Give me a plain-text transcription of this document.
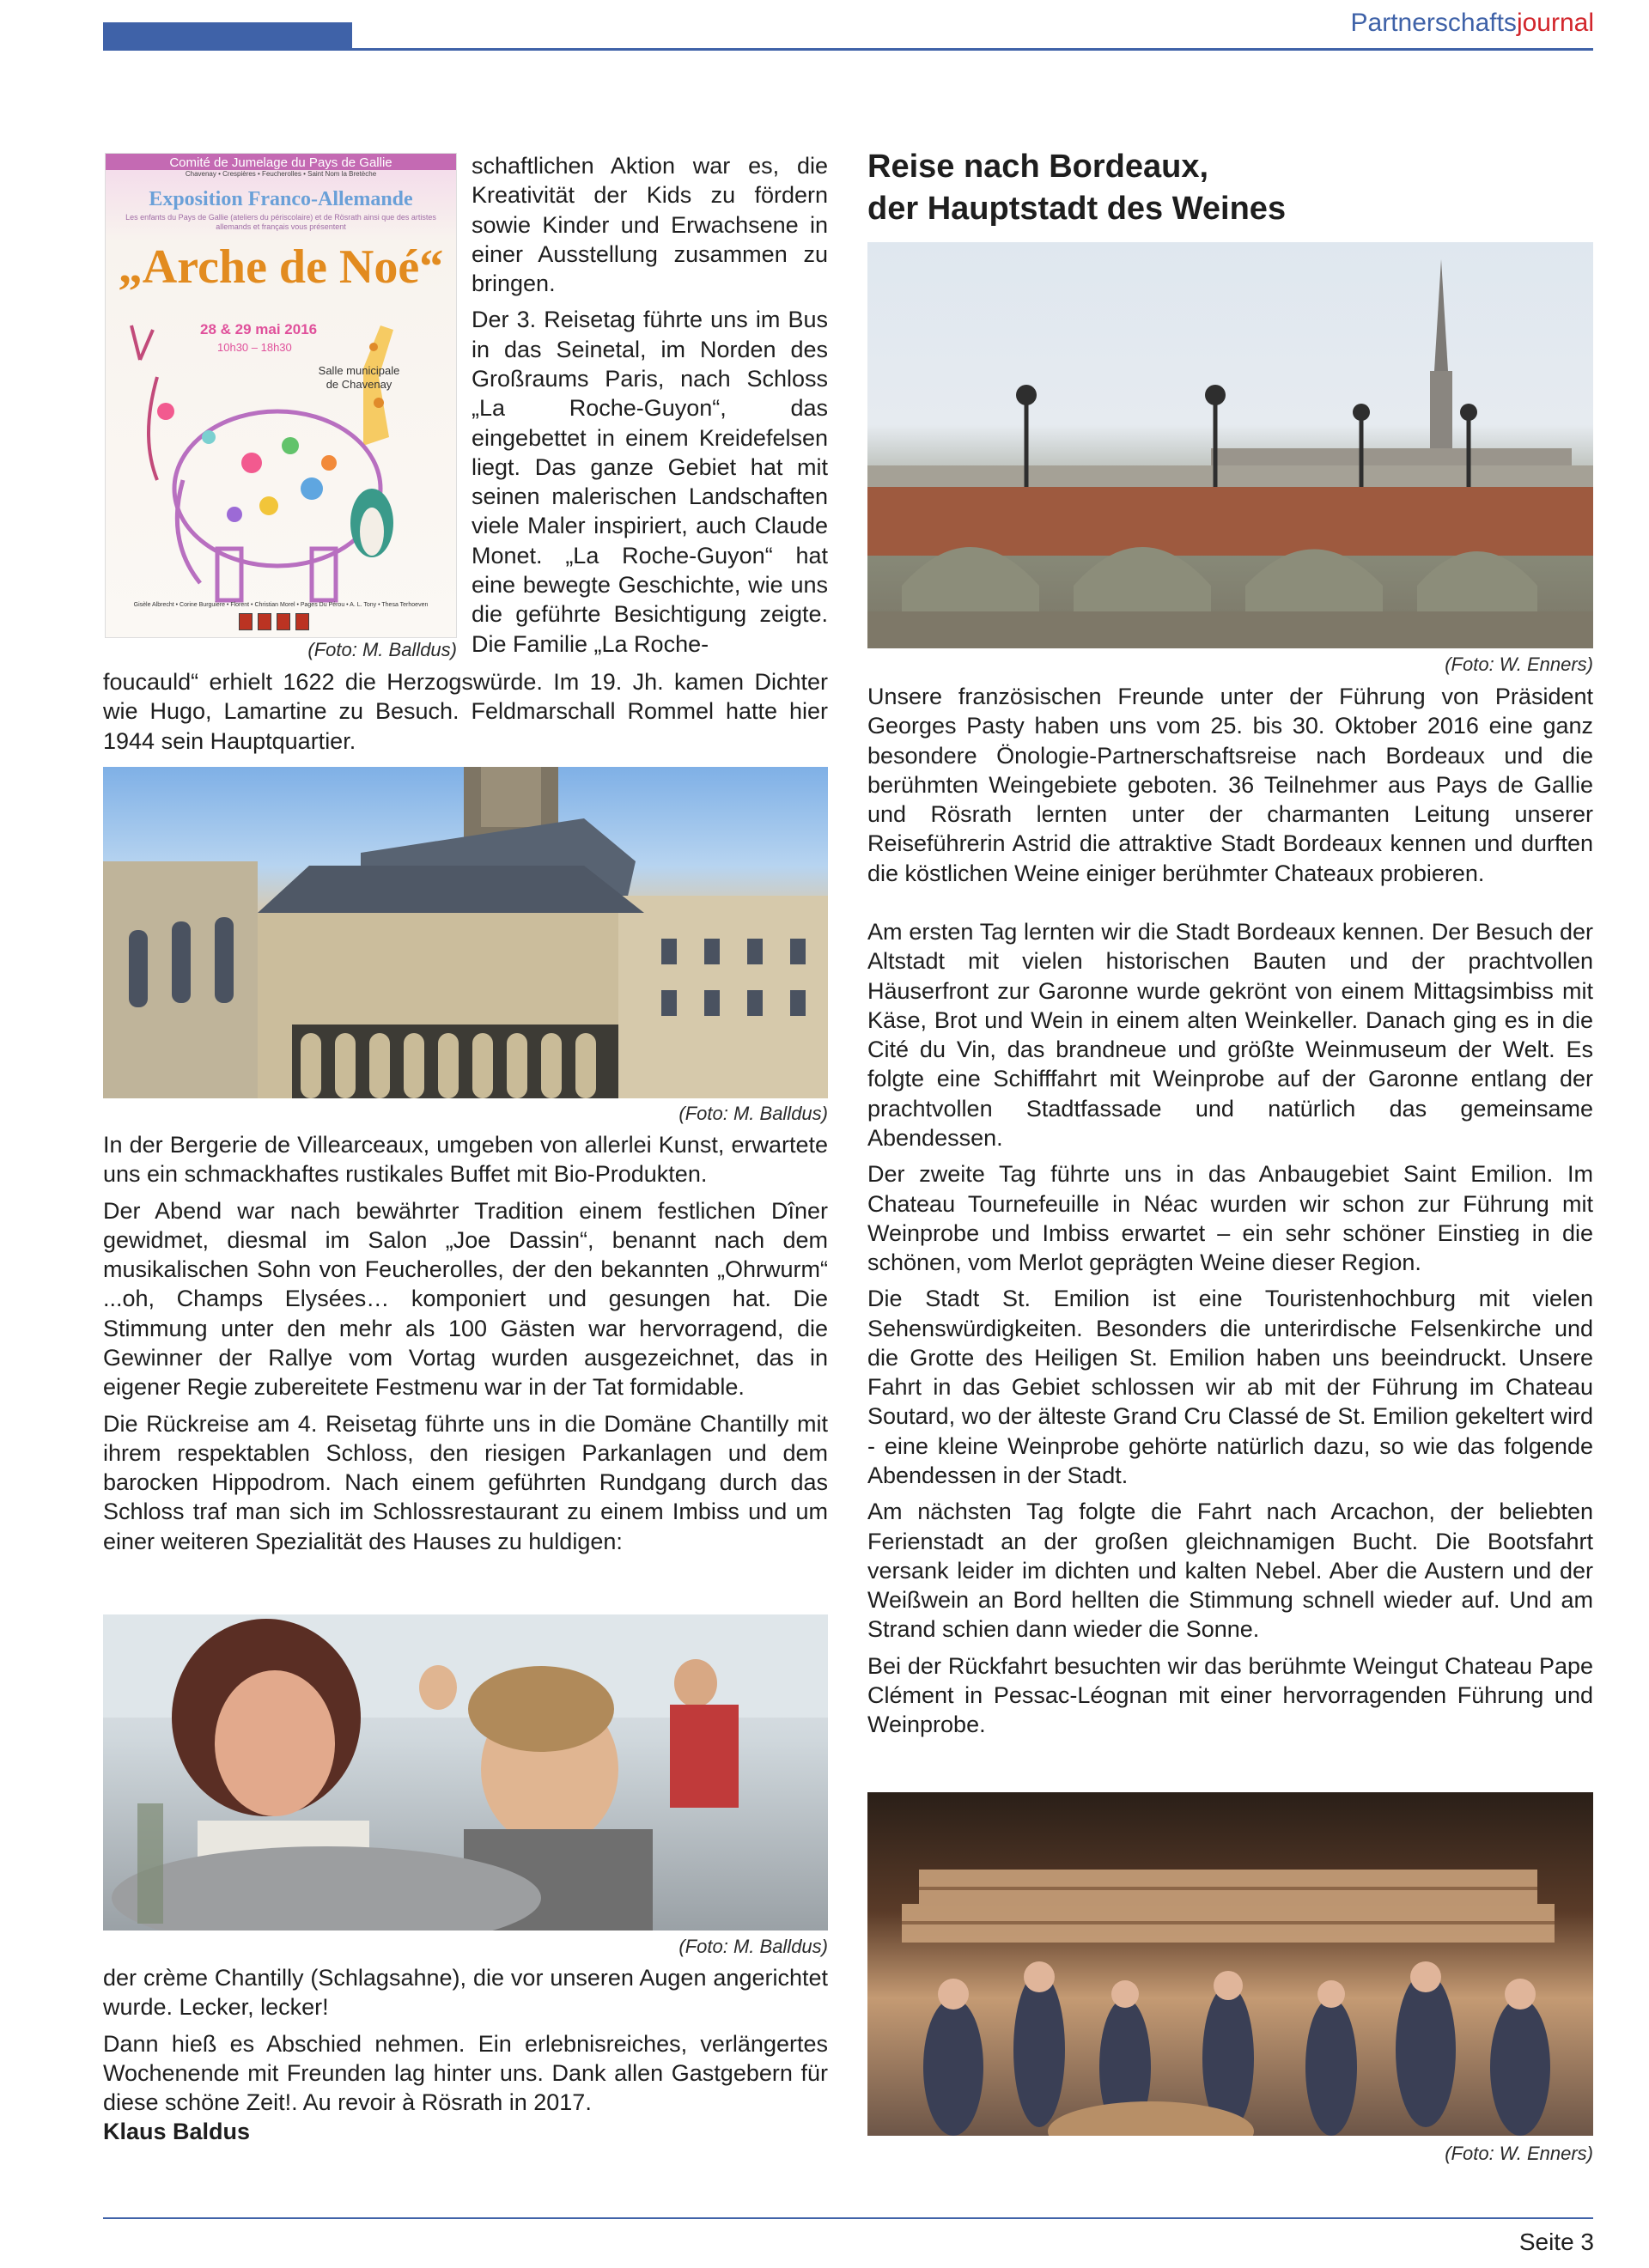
Partnerschaftsjournal
Comité de Jumelage du Pays de Gallie
Chavenay • Crespières • Feucherolles • Saint Nom la Bretèche
Exposition Franco-Allemande
Les enfants du Pays de Gallie (ateliers du périscolaire) et de Rösrath ainsi que des artistes allemands et français vous présentent
„Arche de Noé“
28 & 29 mai 2016
10h30 – 18h30
Salle municipale de Chavenay
Gisèle Albrecht • Corine Burguiere • Florent • Christian Morel • Pages Du Pérou • A. L. Tony • Thesa Terhoeven
(Foto: M. Balldus)

schaftlichen Aktion war es, die Kreativität der Kids zu fördern sowie Kinder und Erwachsene in einer Ausstellung zusammen zu bringen.

Der 3. Reisetag führte uns im Bus in das Seinetal, im Norden des Großraums Paris, nach Schloss „La Roche-Guyon“, das eingebettet in einem Kreidefelsen liegt. Das ganze Gebiet hat mit seinen malerischen Landschaften viele Maler inspiriert, auch Claude Monet. „La Roche-Guyon“ hat eine bewegte Geschichte, wie uns die geführte Besichtigung zeigte. Die Familie „La Roche-

foucauld“ erhielt 1622 die Herzogswürde. Im 19. Jh. kamen Dichter wie Hugo, Lamartine zu Besuch. Feldmarschall Rommel hatte hier 1944 sein Hauptquartier.

(Foto: M. Balldus)

In der Bergerie de Villearceaux, umgeben von allerlei Kunst, erwartete uns ein schmackhaftes rustikales Buffet mit Bio-Produkten.

Der Abend war nach bewährter Tradition einem festlichen Dîner gewidmet, diesmal im Salon „Joe Dassin“, benannt nach dem musikalischen Sohn von Feucherolles, der den bekannten „Ohrwurm“ ...oh, Champs Elysées… komponiert und gesungen hat. Die Stimmung unter den mehr als 100 Gästen war hervorragend, die Gewinner der Rallye vom Vortag wurden ausgezeichnet, das in eigener Regie zubereitete Festmenu war in der Tat formidable.

Die Rückreise am 4. Reisetag führte uns in die Domäne Chantilly mit ihrem respektablen Schloss, den riesigen Parkanlagen und dem barocken Hippodrom. Nach einem geführten Rundgang durch das Schloss traf man sich im Schlossrestaurant zu einem Imbiss und um einer weiteren Spezialität des Hauses zu huldigen:

(Foto: M. Balldus)

der crème Chantilly (Schlagsahne), die vor unseren Augen angerichtet wurde. Lecker, lecker!

Dann hieß es Abschied nehmen. Ein erlebnisreiches, verlängertes Wochenende mit Freunden lag hinter uns. Dank allen Gastgebern für diese schöne Zeit!. Au revoir à Rösrath in 2017.

Klaus Baldus

Reise nach Bordeaux,
der Hauptstadt des Weines
(Foto: W. Enners)

Unsere französischen Freunde unter der Führung von Präsident Georges Pasty haben uns vom 25. bis 30. Oktober 2016 eine ganz besondere Önologie-Partnerschaftsreise nach Bordeaux und die berühmten Weingebiete geboten. 36 Teilnehmer aus Pays de Gallie und Rösrath lernten unter der charmanten Leitung unserer Reiseführerin Astrid die attraktive Stadt Bordeaux kennen und durften die köstlichen Weine einiger berühmter Chateaux probieren.

Am ersten Tag lernten wir die Stadt Bordeaux kennen. Der Besuch der Altstadt mit vielen historischen Bauten und der prachtvollen Häuserfront zur Garonne wurde gekrönt von einem Mittagsimbiss mit Käse, Brot und Wein in einem alten Weinkeller. Danach ging es in die Cité du Vin, das brandneue und größte Weinmuseum der Welt. Es folgte eine Schifffahrt mit Weinprobe auf der Garonne entlang der prachtvollen Stadtfassade und natürlich das gemeinsame Abendessen.

Der zweite Tag führte uns in das Anbaugebiet Saint Emilion. Im Chateau Tournefeuille in Néac wurden wir schon zur Führung mit Weinprobe und Imbiss erwartet – ein sehr schöner Einstieg in die schönen, vom Merlot geprägten Weine dieser Region.

Die Stadt St. Emilion ist eine Touristenhochburg mit vielen Sehenswürdigkeiten. Besonders die unterirdische Felsenkirche und die Grotte des Heiligen St. Emilion haben uns beeindruckt. Unsere Fahrt in das Gebiet schlossen wir ab mit der Führung im Chateau Soutard, wo der älteste Grand Cru Classé de St. Emilion gekeltert wird - eine kleine Weinprobe gehörte natürlich dazu, so wie das folgende Abendessen in der Stadt.

Am nächsten Tag folgte die Fahrt nach Arcachon, der beliebten Ferienstadt an der großen gleichnamigen Bucht. Die Bootsfahrt versank leider im dichten und kalten Nebel. Aber die Austern und der Weißwein an Bord hellten die Stimmung schnell wieder auf. Und am Strand schien dann wieder die Sonne.

Bei der Rückfahrt besuchten wir das berühmte Weingut Chateau Pape Clément in Pessac-Léognan mit einer hervorragenden Führung und Weinprobe.

(Foto: W. Enners)
Seite 3
